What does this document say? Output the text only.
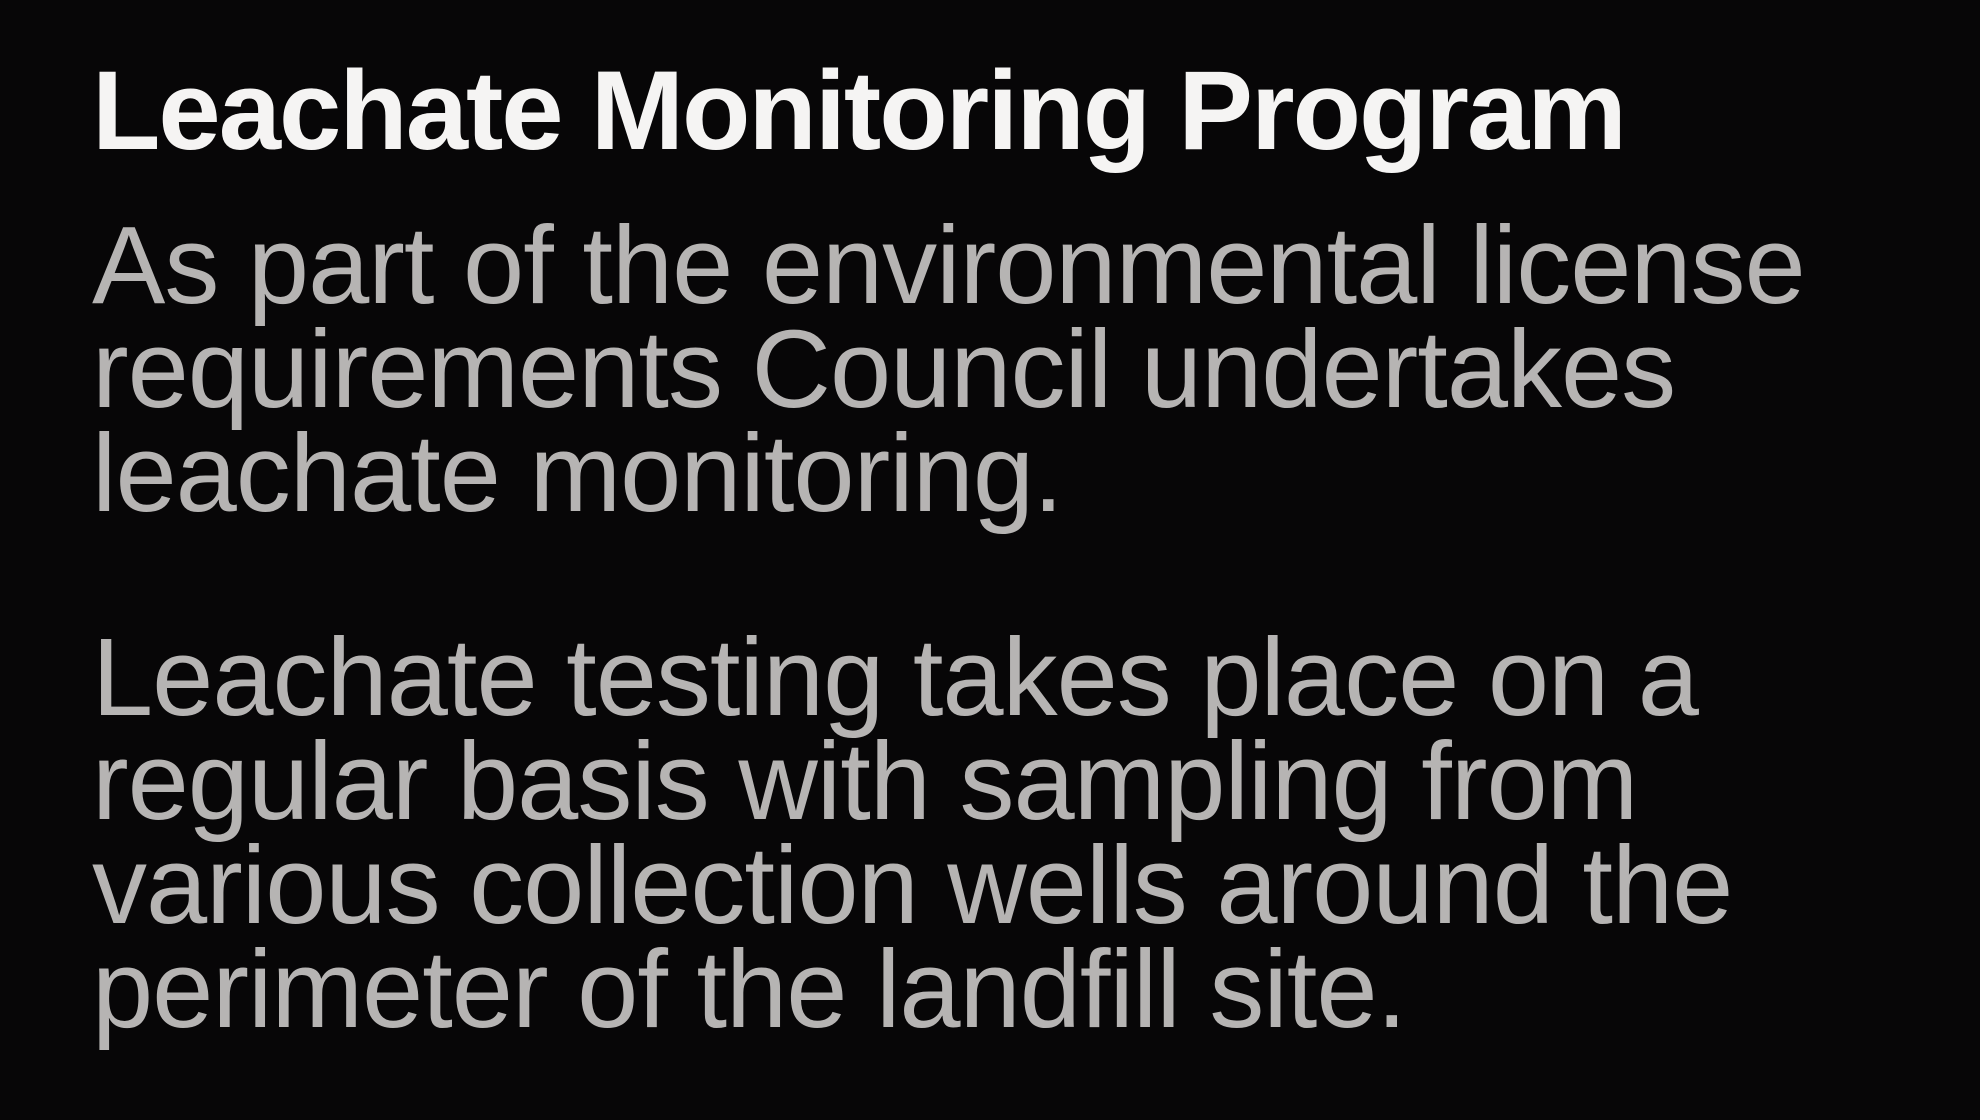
Leachate Monitoring Program

As part of the environmental license
requirements Council undertakes
leachate monitoring.

Leachate testing takes place on a
regular basis with sampling from
various collection wells around the
perimeter of the landfill site.
